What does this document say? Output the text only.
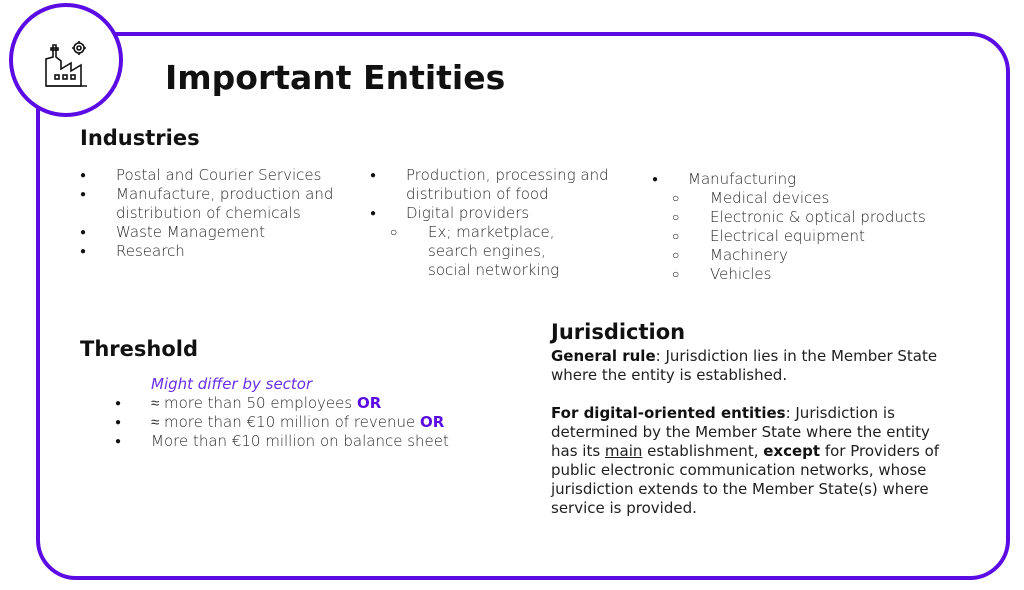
Important Entities
Industries
● Postal and Courier Services
● Manufacture, production and distribution of chemicals
● Waste Management
● Research
● Production, processing and distribution of food
● Digital providers
○ Ex; marketplace, search engines, social networking
● Manufacturing
○ Medical devices
○ Electronic & optical products
○ Electrical equipment
○ Machinery
○ Vehicles
Threshold
Might differ by sector
● ≈ more than 50 employees OR
● ≈ more than €10 million of revenue OR
● More than €10 million on balance sheet
Jurisdiction

General rule: Jurisdiction lies in the Member State where the entity is established.

For digital-oriented entities: Jurisdiction is determined by the Member State where the entity has its main establishment, except for Providers of public electronic communication networks, whose jurisdiction extends to the Member State(s) where service is provided.
